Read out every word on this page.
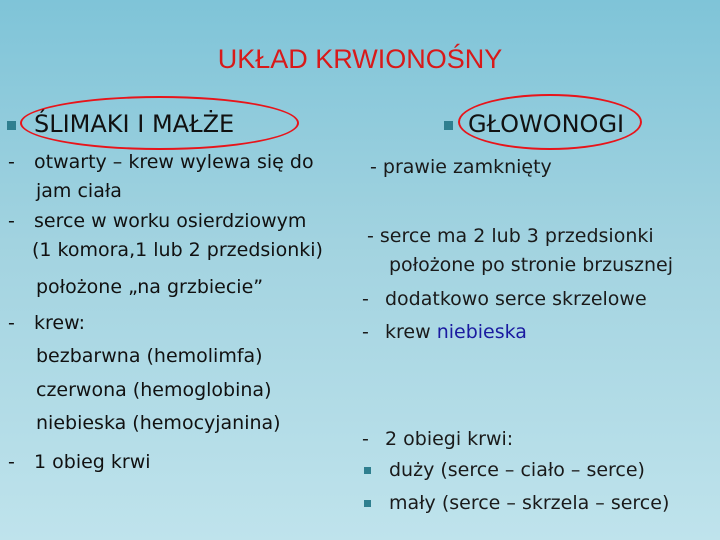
UKŁAD KRWIONOŚNY
ŚLIMAKI I MAŁŻE	GŁOWONOGI
- otwarty – krew wylewa się do
jam ciała
- serce w worku osierdziowym
(1 komora,1 lub 2 przedsionki)
położone „na grzbiecie”
- krew:
bezbarwna (hemolimfa)
czerwona (hemoglobina)
niebieska (hemocyjanina)
- 1 obieg krwi
- prawie zamknięty
- serce ma 2 lub 3 przedsionki
położone po stronie brzusznej
- dodatkowo serce skrzelowe
- krew niebieska
- 2 obiegi krwi:
duży (serce – ciało – serce)
mały (serce – skrzela – serce)
